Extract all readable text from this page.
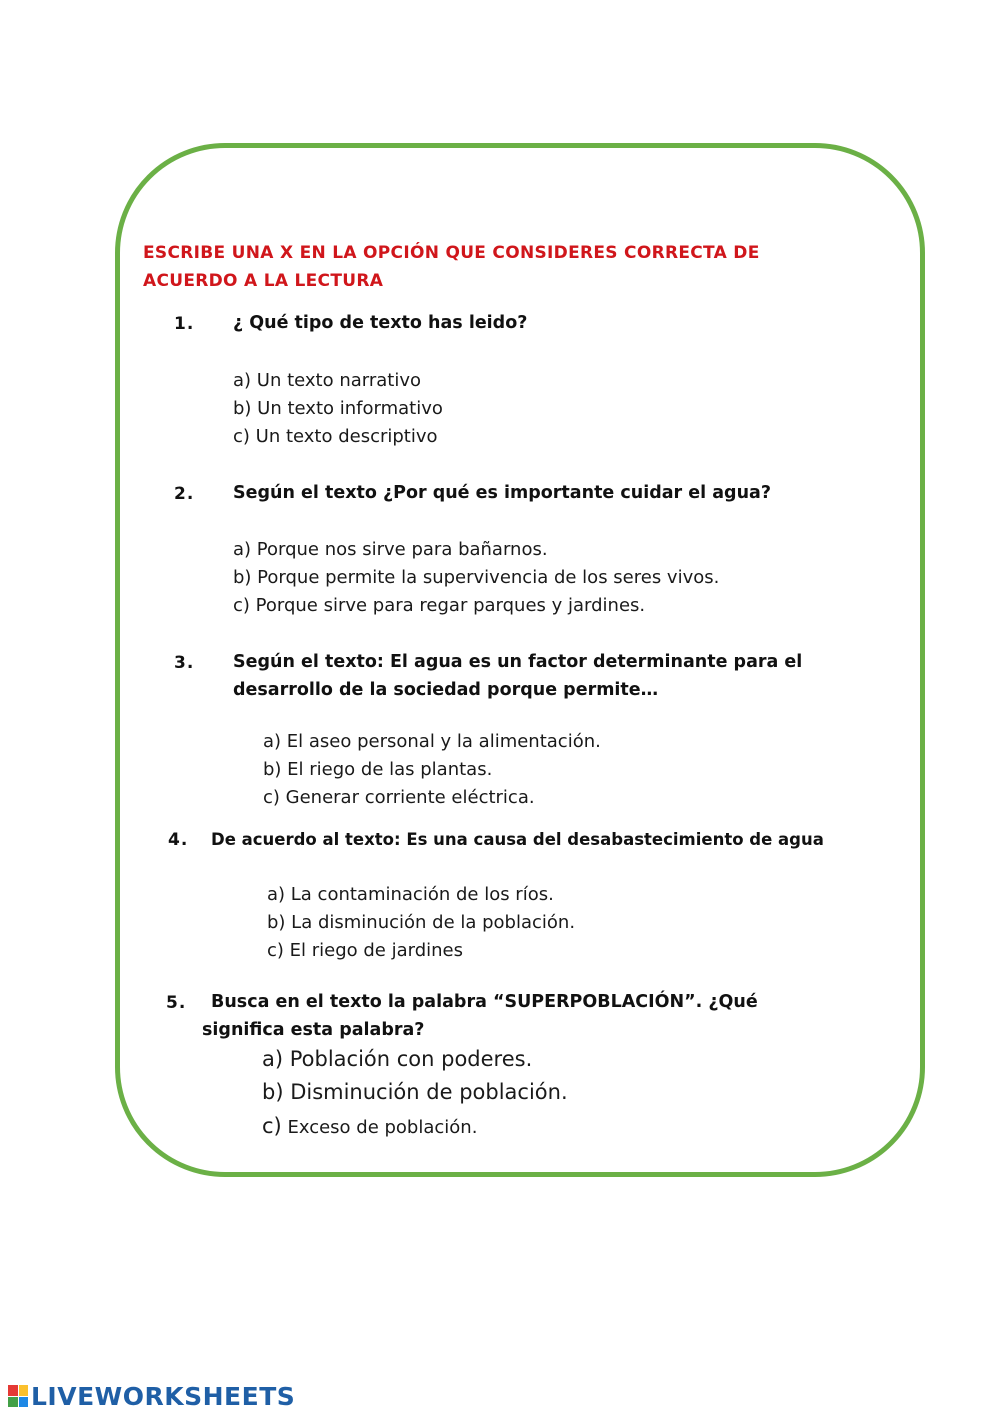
ESCRIBE UNA X EN LA OPCIÓN QUE CONSIDERES CORRECTA DE
ACUERDO A LA LECTURA
1. ¿ Qué tipo de texto has leido?
a) Un texto narrativo
b) Un texto informativo
c) Un texto descriptivo
2. Según el texto ¿Por qué es importante cuidar el agua?
a) Porque nos sirve para bañarnos.
b) Porque permite la supervivencia de los seres vivos.
c) Porque sirve para regar parques y jardines.
3. Según el texto: El agua es un factor determinante para el
desarrollo de la sociedad porque permite…
a) El aseo personal y la alimentación.
b) El riego de las plantas.
c) Generar corriente eléctrica.
4. De acuerdo al texto: Es una causa del desabastecimiento de agua
a) La contaminación de los ríos.
b) La disminución de la población.
c) El riego de jardines
5. Busca en el texto la palabra “SUPERPOBLACIÓN”. ¿Qué
significa esta palabra?
a) Población con poderes.
b) Disminución de población.
c) Exceso de población.
LIVEWORKSHEETS
